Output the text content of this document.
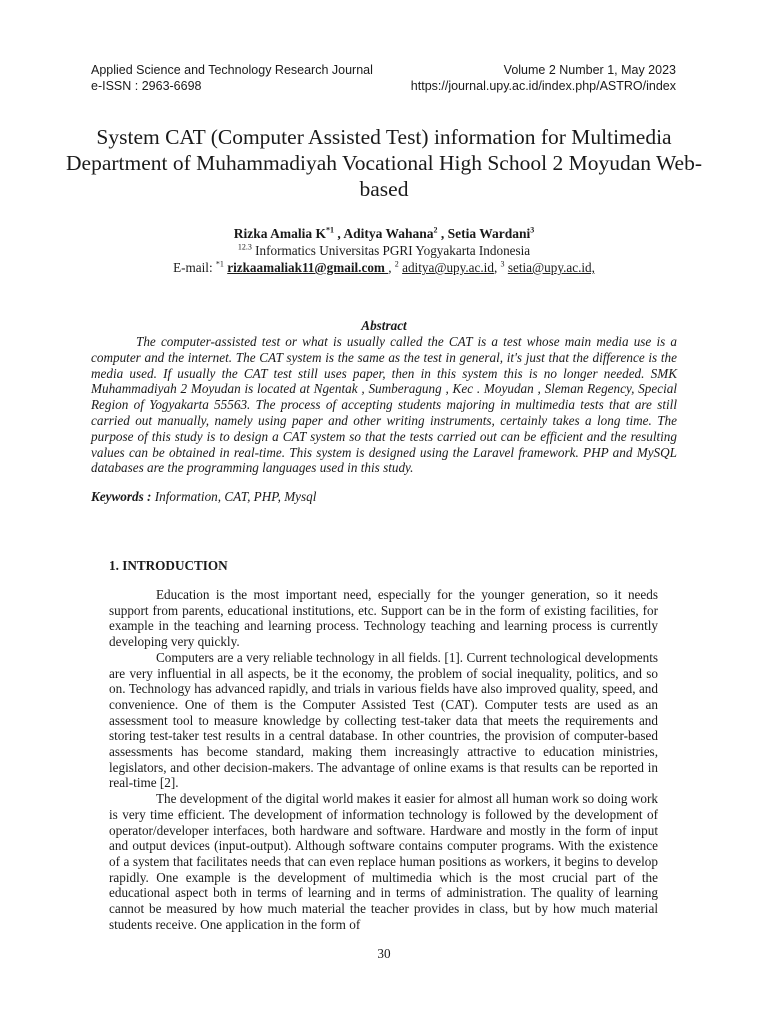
Applied Science and Technology Research Journal	Volume 2 Number 1, May 2023
e-ISSN : 2963-6698	https://journal.upy.ac.id/index.php/ASTRO/index
System CAT (Computer Assisted Test) information for Multimedia Department of Muhammadiyah Vocational High School 2 Moyudan Web-based
Rizka Amalia $K^{*1}$ , Aditya Wahana$^2$ , Setia Wardani$^3$
$^{12.3}$ Informatics Universitas PGRI Yogyakarta Indonesia
E-mail: $^{*1}$ rizkaamaliak11@gmail.com , $^2$ aditya@upy.ac.id, $^3$ setia@upy.ac.id,
Abstract
The computer-assisted test or what is usually called the CAT is a test whose main media use is a computer and the internet. The CAT system is the same as the test in general, it's just that the difference is the media used. If usually the CAT test still uses paper, then in this system this is no longer needed. SMK Muhammadiyah 2 Moyudan is located at Ngentak , Sumberagung , Kec . Moyudan , Sleman Regency, Special Region of Yogyakarta 55563. The process of accepting students majoring in multimedia tests that are still carried out manually, namely using paper and other writing instruments, certainly takes a long time. The purpose of this study is to design a CAT system so that the tests carried out can be efficient and the resulting values can be obtained in real-time. This system is designed using the Laravel framework. PHP and MySQL databases are the programming languages used in this study.
Keywords : Information, CAT, PHP, Mysql
1. INTRODUCTION

Education is the most important need, especially for the younger generation, so it needs support from parents, educational institutions, etc. Support can be in the form of existing facilities, for example in the teaching and learning process. Technology teaching and learning process is currently developing very quickly.

Computers are a very reliable technology in all fields. [1]. Current technological developments are very influential in all aspects, be it the economy, the problem of social inequality, politics, and so on. Technology has advanced rapidly, and trials in various fields have also improved quality, speed, and convenience. One of them is the Computer Assisted Test (CAT). Computer tests are used as an assessment tool to measure knowledge by collecting test-taker data that meets the requirements and storing test-taker test results in a central database. In other countries, the provision of computer-based assessments has become standard, making them increasingly attractive to education ministries, legislators, and other decision-makers. The advantage of online exams is that results can be reported in real-time [2].

The development of the digital world makes it easier for almost all human work so doing work is very time efficient. The development of information technology is followed by the development of operator/developer interfaces, both hardware and software. Hardware and mostly in the form of input and output devices (input-output). Although software contains computer programs. With the existence of a system that facilitates needs that can even replace human positions as workers, it begins to develop rapidly. One example is the development of multimedia which is the most crucial part of the educational aspect both in terms of learning and in terms of administration. The quality of learning cannot be measured by how much material the teacher provides in class, but by how much material students receive. One application in the form of

30
